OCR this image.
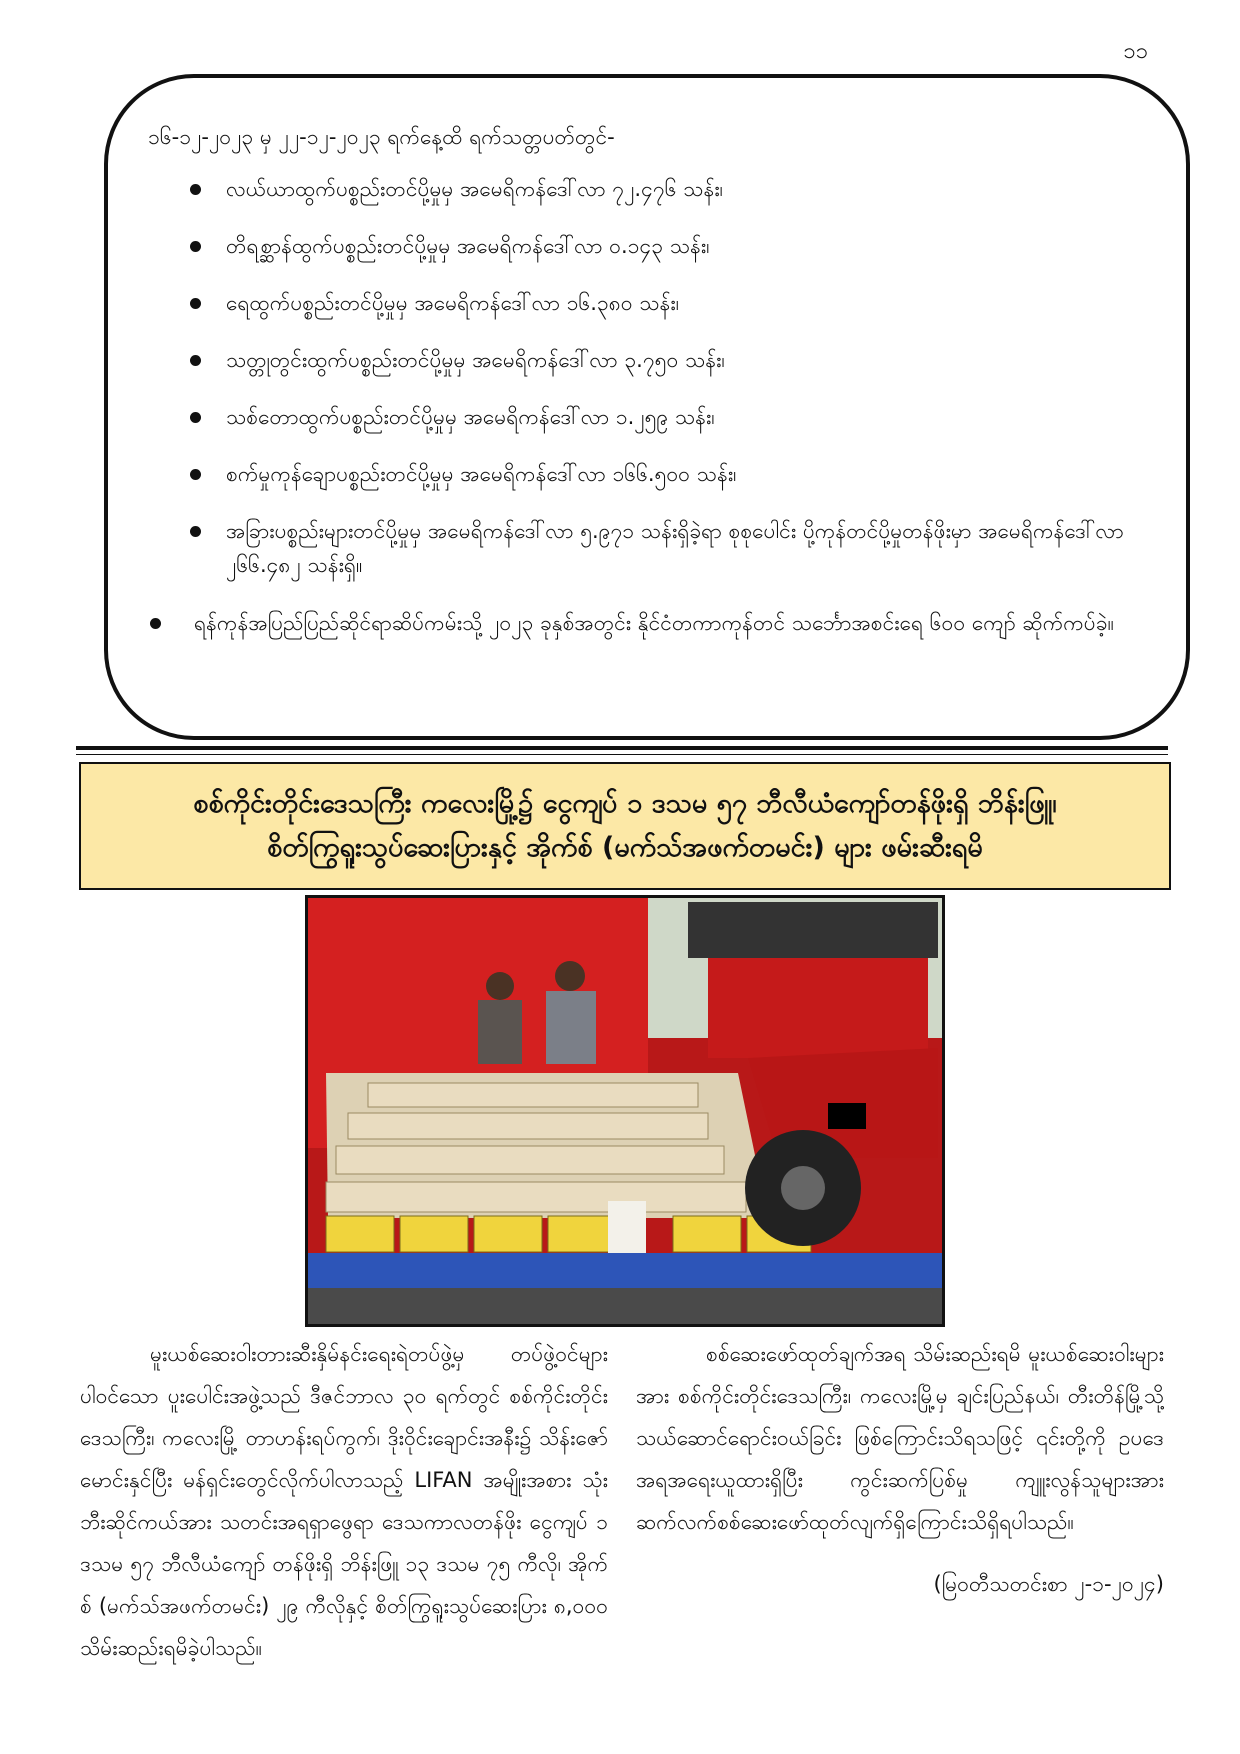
၁၁

၁၆-၁၂-၂၀၂၃ မှ ၂၂-၁၂-၂၀၂၃ ရက်နေ့ထိ ရက်သတ္တပတ်တွင်-

လယ်ယာထွက်ပစ္စည်းတင်ပို့မှုမှ အမေရိကန်ဒေါ်လာ ၇၂.၄၇၆ သန်း၊
တိရစ္ဆာန်ထွက်ပစ္စည်းတင်ပို့မှုမှ အမေရိကန်ဒေါ်လာ ၀.၁၄၃ သန်း၊
ရေထွက်ပစ္စည်းတင်ပို့မှုမှ အမေရိကန်ဒေါ်လာ ၁၆.၃၈၀ သန်း၊
သတ္တုတွင်းထွက်ပစ္စည်းတင်ပို့မှုမှ အမေရိကန်ဒေါ်လာ ၃.၇၅၀ သန်း၊
သစ်တောထွက်ပစ္စည်းတင်ပို့မှုမှ အမေရိကန်ဒေါ်လာ ၁.၂၅၉ သန်း၊
စက်မှုကုန်ချောပစ္စည်းတင်ပို့မှုမှ အမေရိကန်ဒေါ်လာ ၁၆၆.၅၀၀ သန်း၊
အခြားပစ္စည်းများတင်ပို့မှုမှ အမေရိကန်ဒေါ်လာ ၅.၉၇၁ သန်းရှိခဲ့ရာ စုစုပေါင်း ပို့ကုန်တင်ပို့မှုတန်ဖိုးမှာ အမေရိကန်ဒေါ်လာ ၂၆၆.၄၈၂ သန်းရှိ။
ရန်ကုန်အပြည်ပြည်ဆိုင်ရာဆိပ်ကမ်းသို့ ၂၀၂၃ ခုနှစ်အတွင်း နိုင်ငံတကာကုန်တင် သင်္ဘောအစင်းရေ ၆၀၀ ကျော် ဆိုက်ကပ်ခဲ့။
စစ်ကိုင်းတိုင်းဒေသကြီး ကလေးမြို့၌ ငွေကျပ် ၁ ဒသမ ၅၇ ဘီလီယံကျော်တန်ဖိုးရှိ ဘိန်းဖြူ၊
စိတ်ကြွရူးသွပ်ဆေးပြားနှင့် အိုက်စ် (မက်သ်အဖက်တမင်း) များ ဖမ်းဆီးရမိ

မူးယစ်ဆေးဝါးတားဆီးနှိမ်နင်းရေးရဲတပ်ဖွဲ့မှ တပ်ဖွဲ့ဝင်များ ပါဝင်သော ပူးပေါင်းအဖွဲ့သည် ဒီဇင်ဘာလ ၃၀ ရက်တွင် စစ်ကိုင်းတိုင်းဒေသကြီး၊ ကလေးမြို့ တာဟန်းရပ်ကွက်၊ ဒိုးဝိုင်းချောင်းအနီး၌ သိန်းဇော်မောင်းနှင်ပြီး မန်ရှင်းတွေင်လိုက်ပါလာသည့် LIFAN အမျိုးအစား သုံးဘီးဆိုင်ကယ်အား သတင်းအရရှာဖွေရာ ဒေသကာလတန်ဖိုး ငွေကျပ် ၁ ဒသမ ၅၇ ဘီလီယံကျော် တန်ဖိုးရှိ ဘိန်းဖြူ ၁၃ ဒသမ ၇၅ ကီလို၊ အိုက်စ် (မက်သ်အဖက်တမင်း) ၂၉ ကီလိုနှင့် စိတ်ကြွရူးသွပ်ဆေးပြား ၈,၀၀၀ သိမ်းဆည်းရမိခဲ့ပါသည်။

စစ်ဆေးဖော်ထုတ်ချက်အရ သိမ်းဆည်းရမိ မူးယစ်ဆေးဝါးများအား စစ်ကိုင်းတိုင်းဒေသကြီး၊ ကလေးမြို့မှ ချင်းပြည်နယ်၊ တီးတိန်မြို့သို့ သယ်ဆောင်ရောင်းဝယ်ခြင်း ဖြစ်ကြောင်းသိရသဖြင့် ၎င်းတို့ကို ဥပဒေအရအရေးယူထားရှိပြီး ကွင်းဆက်ပြစ်မှု ကျူးလွန်သူများအား ဆက်လက်စစ်ဆေးဖော်ထုတ်လျက်ရှိကြောင်းသိရှိရပါသည်။

(မြဝတီသတင်းစာ ၂-၁-၂၀၂၄)
